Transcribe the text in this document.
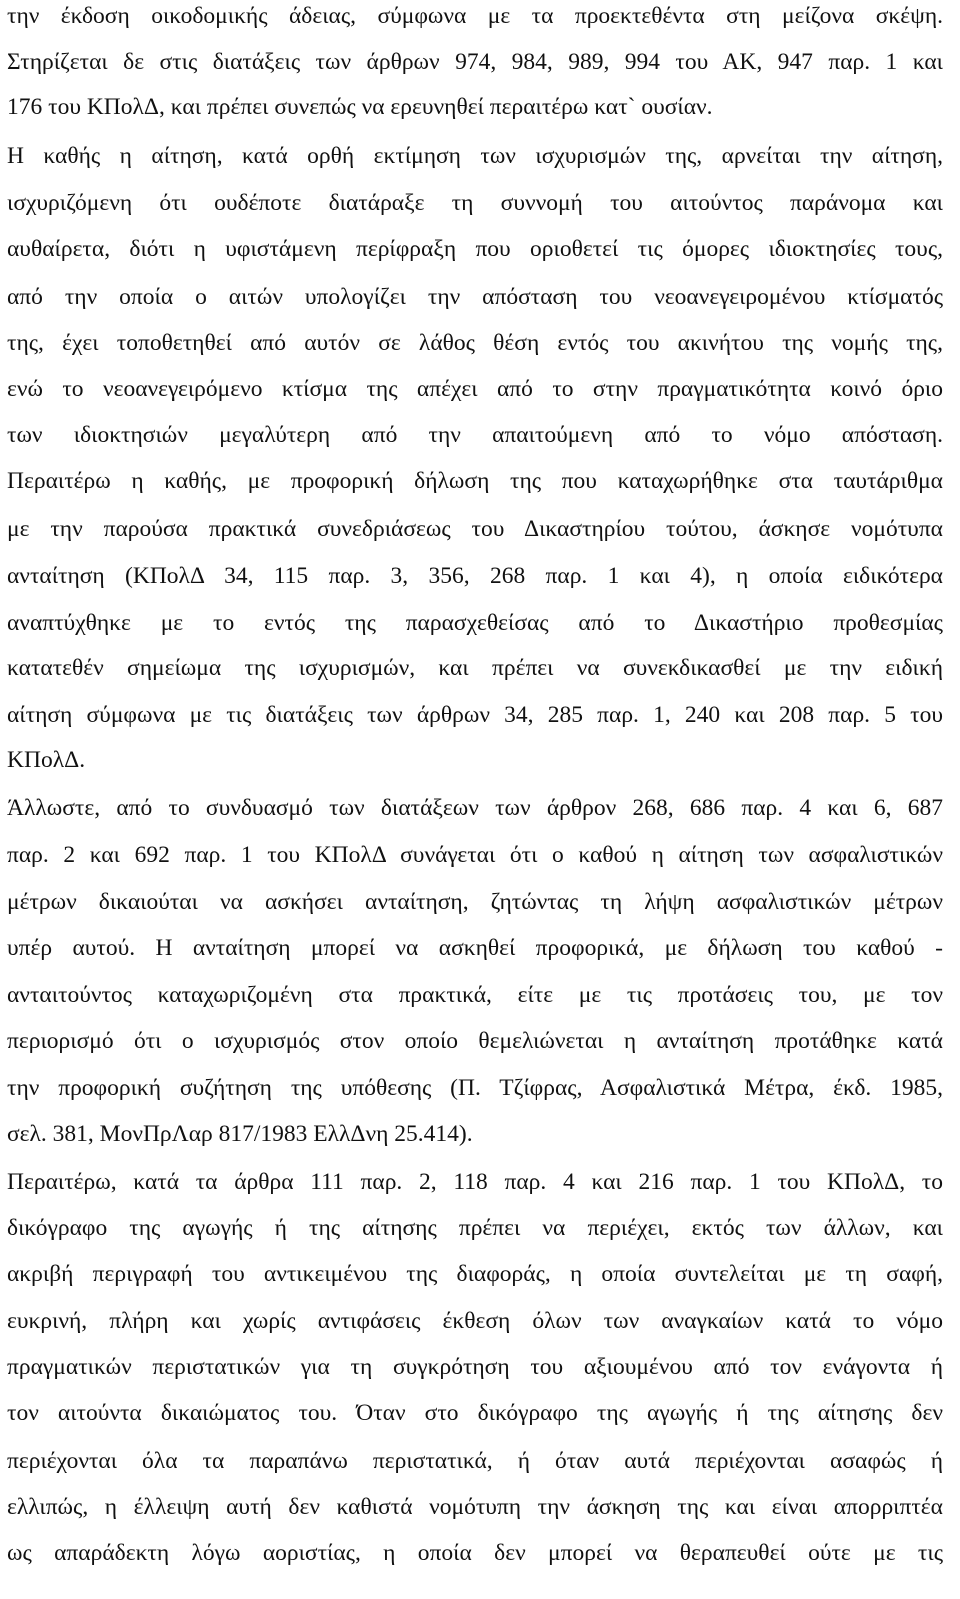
την έκδοση οικοδομικής άδειας, σύμφωνα με τα προεκτεθέντα στη μείζονα σκέψη.
Στηρίζεται δε στις διατάξεις των άρθρων 974, 984, 989, 994 του ΑΚ, 947 παρ. 1 και
176 του ΚΠολΔ, και πρέπει συνεπώς να ερευνηθεί περαιτέρω κατ` ουσίαν.
Η καθής η αίτηση, κατά ορθή εκτίμηση των ισχυρισμών της, αρνείται την αίτηση,
ισχυριζόμενη ότι ουδέποτε διατάραξε τη συννομή του αιτούντος παράνομα και
αυθαίρετα, διότι η υφιστάμενη περίφραξη που οριοθετεί τις όμορες ιδιοκτησίες τους,
από την οποία ο αιτών υπολογίζει την απόσταση του νεοανεγειρομένου κτίσματός
της, έχει τοποθετηθεί από αυτόν σε λάθος θέση εντός του ακινήτου της νομής της,
ενώ το νεοανεγειρόμενο κτίσμα της απέχει από το στην πραγματικότητα κοινό όριο
των ιδιοκτησιών μεγαλύτερη από την απαιτούμενη από το νόμο απόσταση.
Περαιτέρω η καθής, με προφορική δήλωση της που καταχωρήθηκε στα ταυτάριθμα
με την παρούσα πρακτικά συνεδριάσεως του Δικαστηρίου τούτου, άσκησε νομότυπα
ανταίτηση (ΚΠολΔ 34, 115 παρ. 3, 356, 268 παρ. 1 και 4), η οποία ειδικότερα
αναπτύχθηκε με το εντός της παρασχεθείσας από το Δικαστήριο προθεσμίας
κατατεθέν σημείωμα της ισχυρισμών, και πρέπει να συνεκδικασθεί με την ειδική
αίτηση σύμφωνα με τις διατάξεις των άρθρων 34, 285 παρ. 1, 240 και 208 παρ. 5 του
ΚΠολΔ.
Άλλωστε, από το συνδυασμό των διατάξεων των άρθρον 268, 686 παρ. 4 και 6, 687
παρ. 2 και 692 παρ. 1 του ΚΠολΔ συνάγεται ότι ο καθού η αίτηση των ασφαλιστικών
μέτρων δικαιούται να ασκήσει ανταίτηση, ζητώντας τη λήψη ασφαλιστικών μέτρων
υπέρ αυτού. Η ανταίτηση μπορεί να ασκηθεί προφορικά, με δήλωση του καθού -
ανταιτούντος καταχωριζομένη στα πρακτικά, είτε με τις προτάσεις του, με τον
περιορισμό ότι ο ισχυρισμός στον οποίο θεμελιώνεται η ανταίτηση προτάθηκε κατά
την προφορική συζήτηση της υπόθεσης (Π. Τζίφρας, Ασφαλιστικά Μέτρα, έκδ. 1985,
σελ. 381, ΜονΠρΛαρ 817/1983 ΕλλΔνη 25.414).
Περαιτέρω, κατά τα άρθρα 111 παρ. 2, 118 παρ. 4 και 216 παρ. 1 του ΚΠολΔ, το
δικόγραφο της αγωγής ή της αίτησης πρέπει να περιέχει, εκτός των άλλων, και
ακριβή περιγραφή του αντικειμένου της διαφοράς, η οποία συντελείται με τη σαφή,
ευκρινή, πλήρη και χωρίς αντιφάσεις έκθεση όλων των αναγκαίων κατά το νόμο
πραγματικών περιστατικών για τη συγκρότηση του αξιουμένου από τον ενάγοντα ή
τον αιτούντα δικαιώματος του. Όταν στο δικόγραφο της αγωγής ή της αίτησης δεν
περιέχονται όλα τα παραπάνω περιστατικά, ή όταν αυτά περιέχονται ασαφώς ή
ελλιπώς, η έλλειψη αυτή δεν καθιστά νομότυπη την άσκηση της και είναι απορριπτέα
ως απαράδεκτη λόγω αοριστίας, η οποία δεν μπορεί να θεραπευθεί ούτε με τις
